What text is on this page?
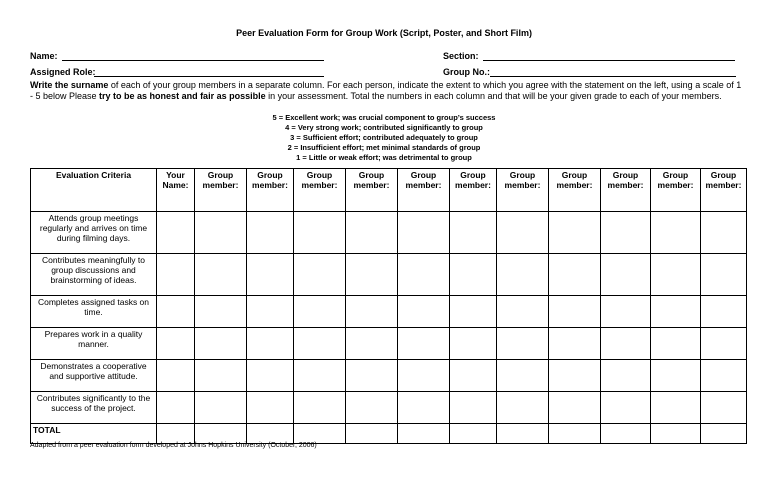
Peer Evaluation Form for Group Work (Script, Poster, and Short Film)
Name:	Section:
Assigned Role:	Group No.:
Write the surname of each of your group members in a separate column. For each person, indicate the extent to which you agree with the statement on the left, using a scale of 1 - 5 below Please try to be as honest and fair as possible in your assessment. Total the numbers in each column and that will be your given grade to each of your members.
5 = Excellent work; was crucial component to group’s success
4 = Very strong work; contributed significantly to group
3 = Sufficient effort; contributed adequately to group
2 = Insufficient effort; met minimal standards of group
1 = Little or weak effort; was detrimental to group
Evaluation Criteria	Your Name:	Group member:	Group member:	Group member:	Group member:	Group member:	Group member:	Group member:	Group member:	Group member:	Group member:	Group member:
Attends group meetings regularly and arrives on time during filming days.												
Contributes meaningfully to group discussions and brainstorming of ideas.												
Completes assigned tasks on time.												
Prepares work in a quality manner.												
Demonstrates a cooperative and supportive attitude.												
Contributes significantly to the success of the project.												
TOTAL												
Adapted from a peer evaluation form developed at Johns Hopkins University (October, 2006)
